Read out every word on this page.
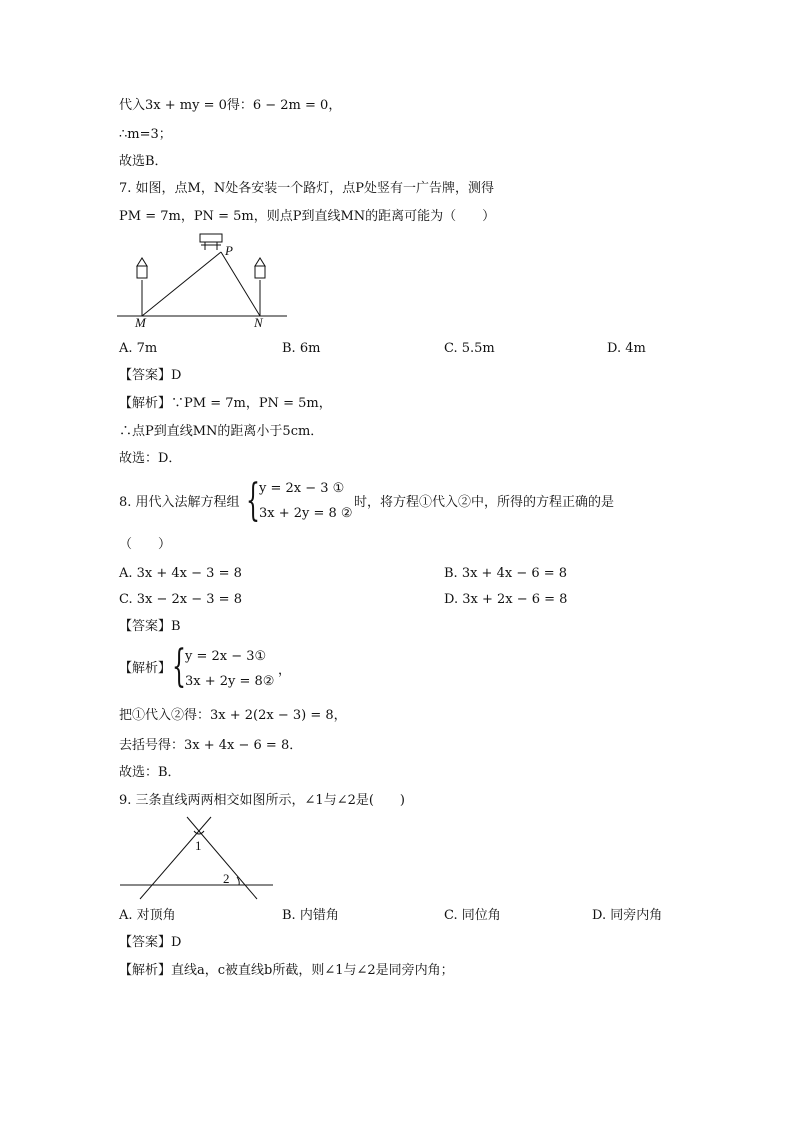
代入3x + my = 0得：6 − 2m = 0，
∴m=3；
故选B．
7. 如图，点M，N处各安装一个路灯，点P处竖有一广告牌，测得
PM = 7m，PN = 5m，则点P到直线MN的距离可能为（　　）
P
M	N
A. 7m	B. 6m	C. 5.5m	D. 4m
【答案】D
【解析】∵PM = 7m，PN = 5m，
∴点P到直线MN的距离小于5cm．
故选：D．
8. 用代入法解方程组 { y = 2x − 3 ①
3x + 2y = 8 ②
时，将方程①代入②中，所得的方程正确的是
（　　）
A. 3x + 4x − 3 = 8	B. 3x + 4x − 6 = 8
C. 3x − 2x − 3 = 8	D. 3x + 2x − 6 = 8
【答案】B
【解析】 { y = 2x − 3①
3x + 2y = 8②
，
把①代入②得：3x + 2(2x − 3) = 8，
去括号得：3x + 4x − 6 = 8．
故选：B．
9. 三条直线两两相交如图所示，∠1与∠2是(　　)
1
2
A. 对顶角	B. 内错角	C. 同位角	D. 同旁内角
【答案】D
【解析】直线a，c被直线b所截，则∠1与∠2是同旁内角；
